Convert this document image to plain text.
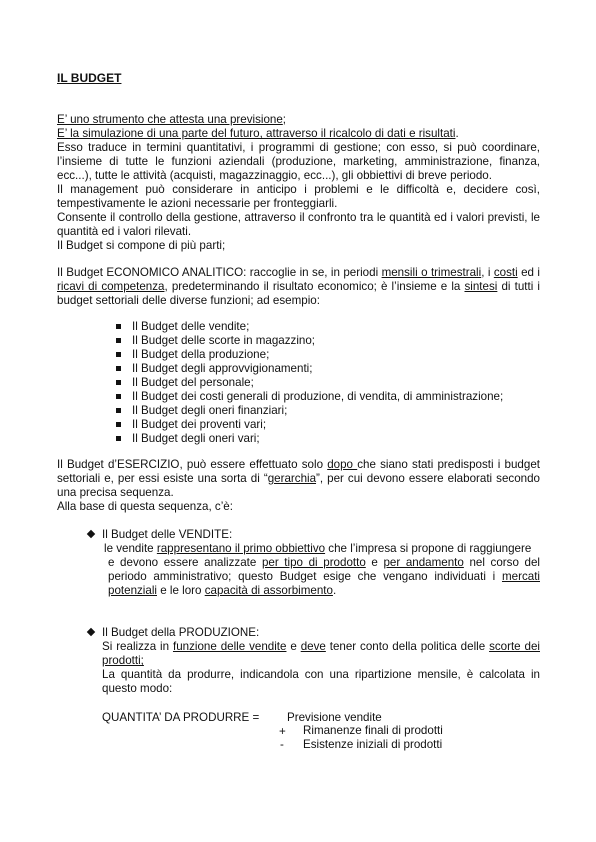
IL BUDGET

E’ uno strumento che attesta una previsione;

E’ la simulazione di una parte del futuro, attraverso il ricalcolo di dati e risultati.

Esso traduce in termini quantitativi, i programmi di gestione; con esso, si può coordinare, l’insieme di tutte le funzioni aziendali (produzione, marketing, amministrazione, finanza, ecc...), tutte le attività (acquisti, magazzinaggio, ecc...), gli obbiettivi di breve periodo.

Il management può considerare in anticipo i problemi e le difficoltà e, decidere così, tempestivamente le azioni necessarie per fronteggiarli.

Consente il controllo della gestione, attraverso il confronto tra le quantità ed i valori previsti, le quantità ed i valori rilevati.

Il Budget si compone di più parti;

Il Budget ECONOMICO ANALITICO: raccoglie in se, in periodi mensili o trimestrali, i costi ed i ricavi di competenza, predeterminando il risultato economico; è l’insieme e la sintesi di tutti i budget settoriali delle diverse funzioni; ad esempio:

Il Budget delle vendite;
Il Budget delle scorte in magazzino;
Il Budget della produzione;
Il Budget degli approvvigionamenti;
Il Budget del personale;
Il Budget dei costi generali di produzione, di vendita, di amministrazione;
Il Budget degli oneri finanziari;
Il Budget dei proventi vari;
Il Budget degli oneri vari;

Il Budget d’ESERCIZIO, può essere effettuato solo dopo che siano stati predisposti i budget settoriali e, per essi esiste una sorta di “gerarchia”, per cui devono essere elaborati secondo una precisa sequenza.

Alla base di questa sequenza, c’è:

Il Budget delle VENDITE:

le vendite rappresentano il primo obbiettivo che l’impresa si propone di raggiungere

e devono essere analizzate per tipo di prodotto e per andamento nel corso del periodo amministrativo; questo Budget esige che vengano individuati i mercati potenziali e le loro capacità di assorbimento.

Il Budget della PRODUZIONE:

Si realizza in funzione delle vendite e deve tener conto della politica delle scorte dei prodotti;

La quantità da produrre, indicandola con una ripartizione mensile, è calcolata in questo modo:

QUANTITA’ DA PRODURRE = Previsione vendite
+ Rimanenze finali di prodotti
- Esistenze iniziali di prodotti
